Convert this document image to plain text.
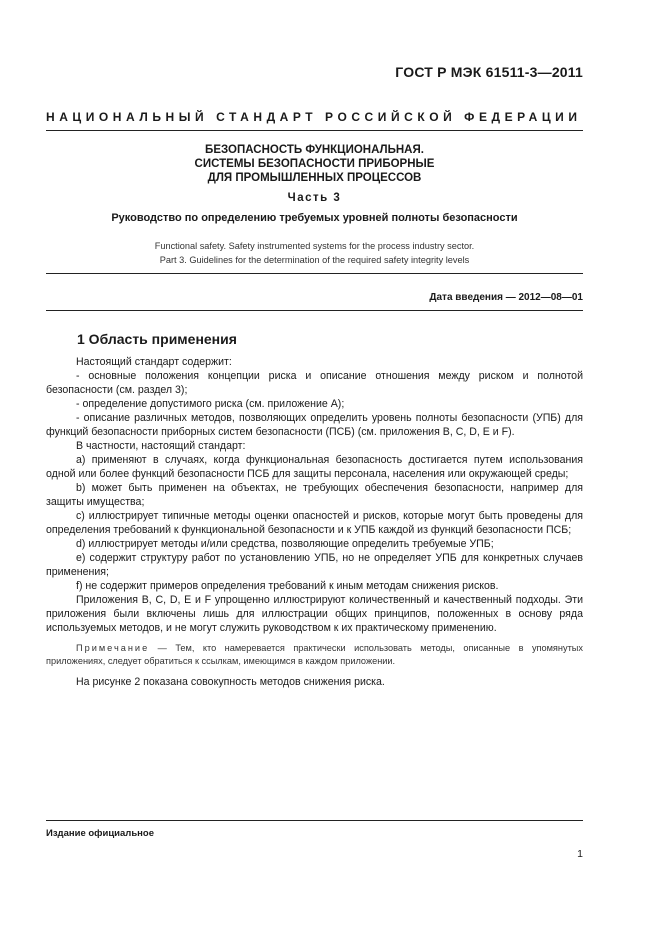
ГОСТ Р МЭК 61511-3—2011
НАЦИОНАЛЬНЫЙ СТАНДАРТ РОССИЙСКОЙ ФЕДЕРАЦИИ
БЕЗОПАСНОСТЬ ФУНКЦИОНАЛЬНАЯ.
СИСТЕМЫ БЕЗОПАСНОСТИ ПРИБОРНЫЕ
ДЛЯ ПРОМЫШЛЕННЫХ ПРОЦЕССОВ
Часть 3
Руководство по определению требуемых уровней полноты безопасности
Functional safety. Safety instrumented systems for the process industry sector.
Part 3. Guidelines for the determination of the required safety integrity levels
Дата введения — 2012—08—01
1 Область применения

Настоящий стандарт содержит:

- основные положения концепции риска и описание отношения между риском и полнотой безопасности (см. раздел 3);

- определение допустимого риска (см. приложение А);

- описание различных методов, позволяющих определить уровень полноты безопасности (УПБ) для функций безопасности приборных систем безопасности (ПСБ) (см. приложения В, С, D, Е и F).

В частности, настоящий стандарт:

а) применяют в случаях, когда функциональная безопасность достигается путем использования одной или более функций безопасности ПСБ для защиты персонала, населения или окружающей среды;

b) может быть применен на объектах, не требующих обеспечения безопасности, например для защиты имущества;

с) иллюстрирует типичные методы оценки опасностей и рисков, которые могут быть проведены для определения требований к функциональной безопасности и к УПБ каждой из функций безопасности ПСБ;

d) иллюстрирует методы и/или средства, позволяющие определить требуемые УПБ;

е) содержит структуру работ по установлению УПБ, но не определяет УПБ для конкретных случаев применения;

f) не содержит примеров определения требований к иным методам снижения рисков.

Приложения В, С, D, Е и F упрощенно иллюстрируют количественный и качественный подходы. Эти приложения были включены лишь для иллюстрации общих принципов, положенных в основу ряда используемых методов, и не могут служить руководством к их практическому применению.

Примечание — Тем, кто намеревается практически использовать методы, описанные в упомянутых приложениях, следует обратиться к ссылкам, имеющимся в каждом приложении.

На рисунке 2 показана совокупность методов снижения риска.

Издание официальное
1
